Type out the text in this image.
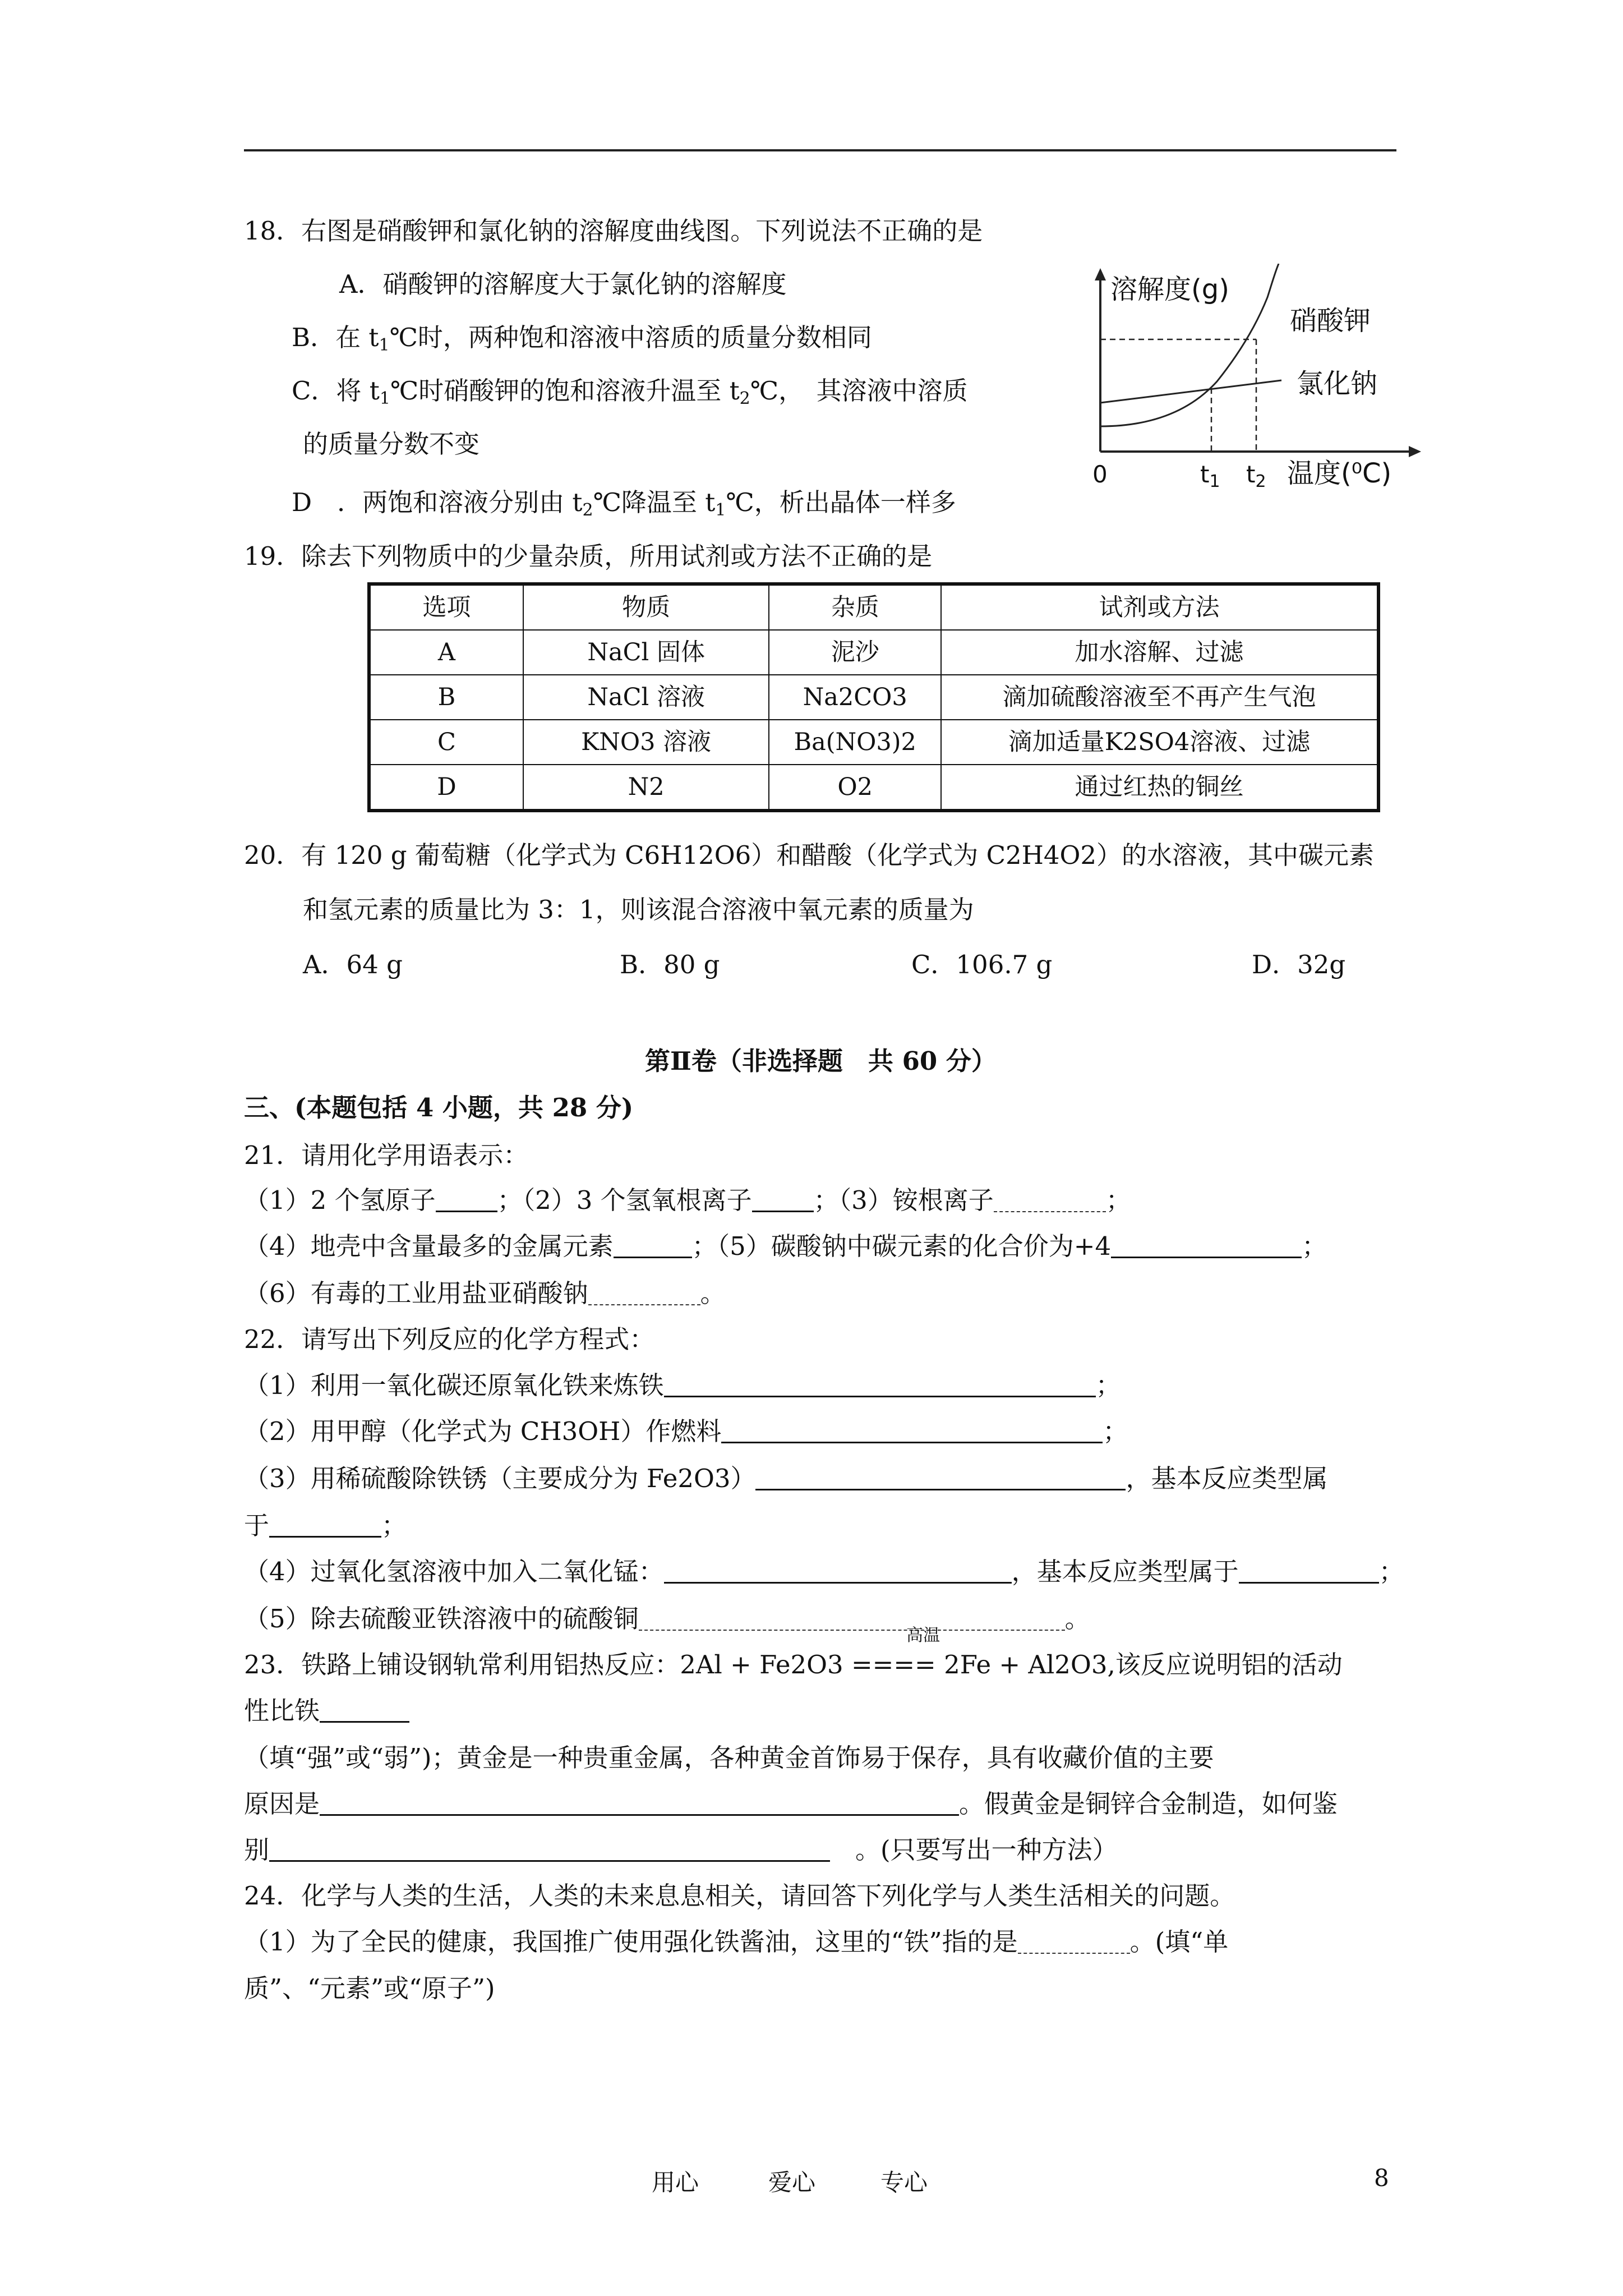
18．右图是硝酸钾和氯化钠的溶解度曲线图。下列说法不正确的是
A．硝酸钾的溶解度大于氯化钠的溶解度
B．在 $t_1℃$时，两种饱和溶液中溶质的质量分数相同
C．将 $t_1℃$时硝酸钾的饱和溶液升温至 $t_2℃$，　其溶液中溶质
的质量分数不变
D　．两饱和溶液分别由 $t_2℃$降温至 $t_1℃$，析出晶体一样多
溶解度(g)
硝酸钾
氯化钠
0	t1 t2 温度(⁰C)
19．除去下列物质中的少量杂质，所用试剂或方法不正确的是
选项	物质	杂质	试剂或方法
A	NaCl 固体	泥沙	加水溶解、过滤
B	NaCl 溶液	Na2CO3	滴加硫酸溶液至不再产生气泡
C	KNO3 溶液	Ba(NO3)2	滴加适量K2SO4溶液、过滤
D	N2	O2	通过红热的铜丝
20．有 120 g 葡萄糖（化学式为 C6H12O6）和醋酸（化学式为 C2H4O2）的水溶液，其中碳元素
和氢元素的质量比为 3：1，则该混合溶液中氧元素的质量为
A．64 g	B．80 g	C．106.7 g	D．32g
第Ⅱ卷（非选择题　共 60 分）
三、(本题包括 4 小题，共 28 分)
21．请用化学用语表示：
（1）2 个氢原子 ；（2）3 个氢氧根离子 ；（3）铵根离子	；
（4）地壳中含量最多的金属元素	；（5）碳酸钠中碳元素的化合价为+4	；
（6）有毒的工业用盐亚硝酸钠	。
22．请写出下列反应的化学方程式：
（1）利用一氧化碳还原氧化铁来炼铁	；
（2）用甲醇（化学式为 CH3OH）作燃料	；
（3）用稀硫酸除铁锈（主要成分为 Fe2O3）	，基本反应类型属
于	；
（4）过氧化氢溶液中加入二氧化锰：	，基本反应类型属于	；
（5）除去硫酸亚铁溶液中的硫酸铜	。
高温
23．铁路上铺设钢轨常利用铝热反应：2Al + Fe2O3 ==== 2Fe + Al2O3,该反应说明铝的活动
性比铁
（填“强”或“弱”)；黄金是一种贵重金属，各种黄金首饰易于保存，具有收藏价值的主要
原因是	。假黄金是铜锌合金制造，如何鉴
别	　。(只要写出一种方法）
24．化学与人类的生活，人类的未来息息相关，请回答下列化学与人类生活相关的问题。
（1）为了全民的健康，我国推广使用强化铁酱油，这里的“铁”指的是	。(填“单
质”、“元素”或“原子”)
用心	爱心	专心	8
